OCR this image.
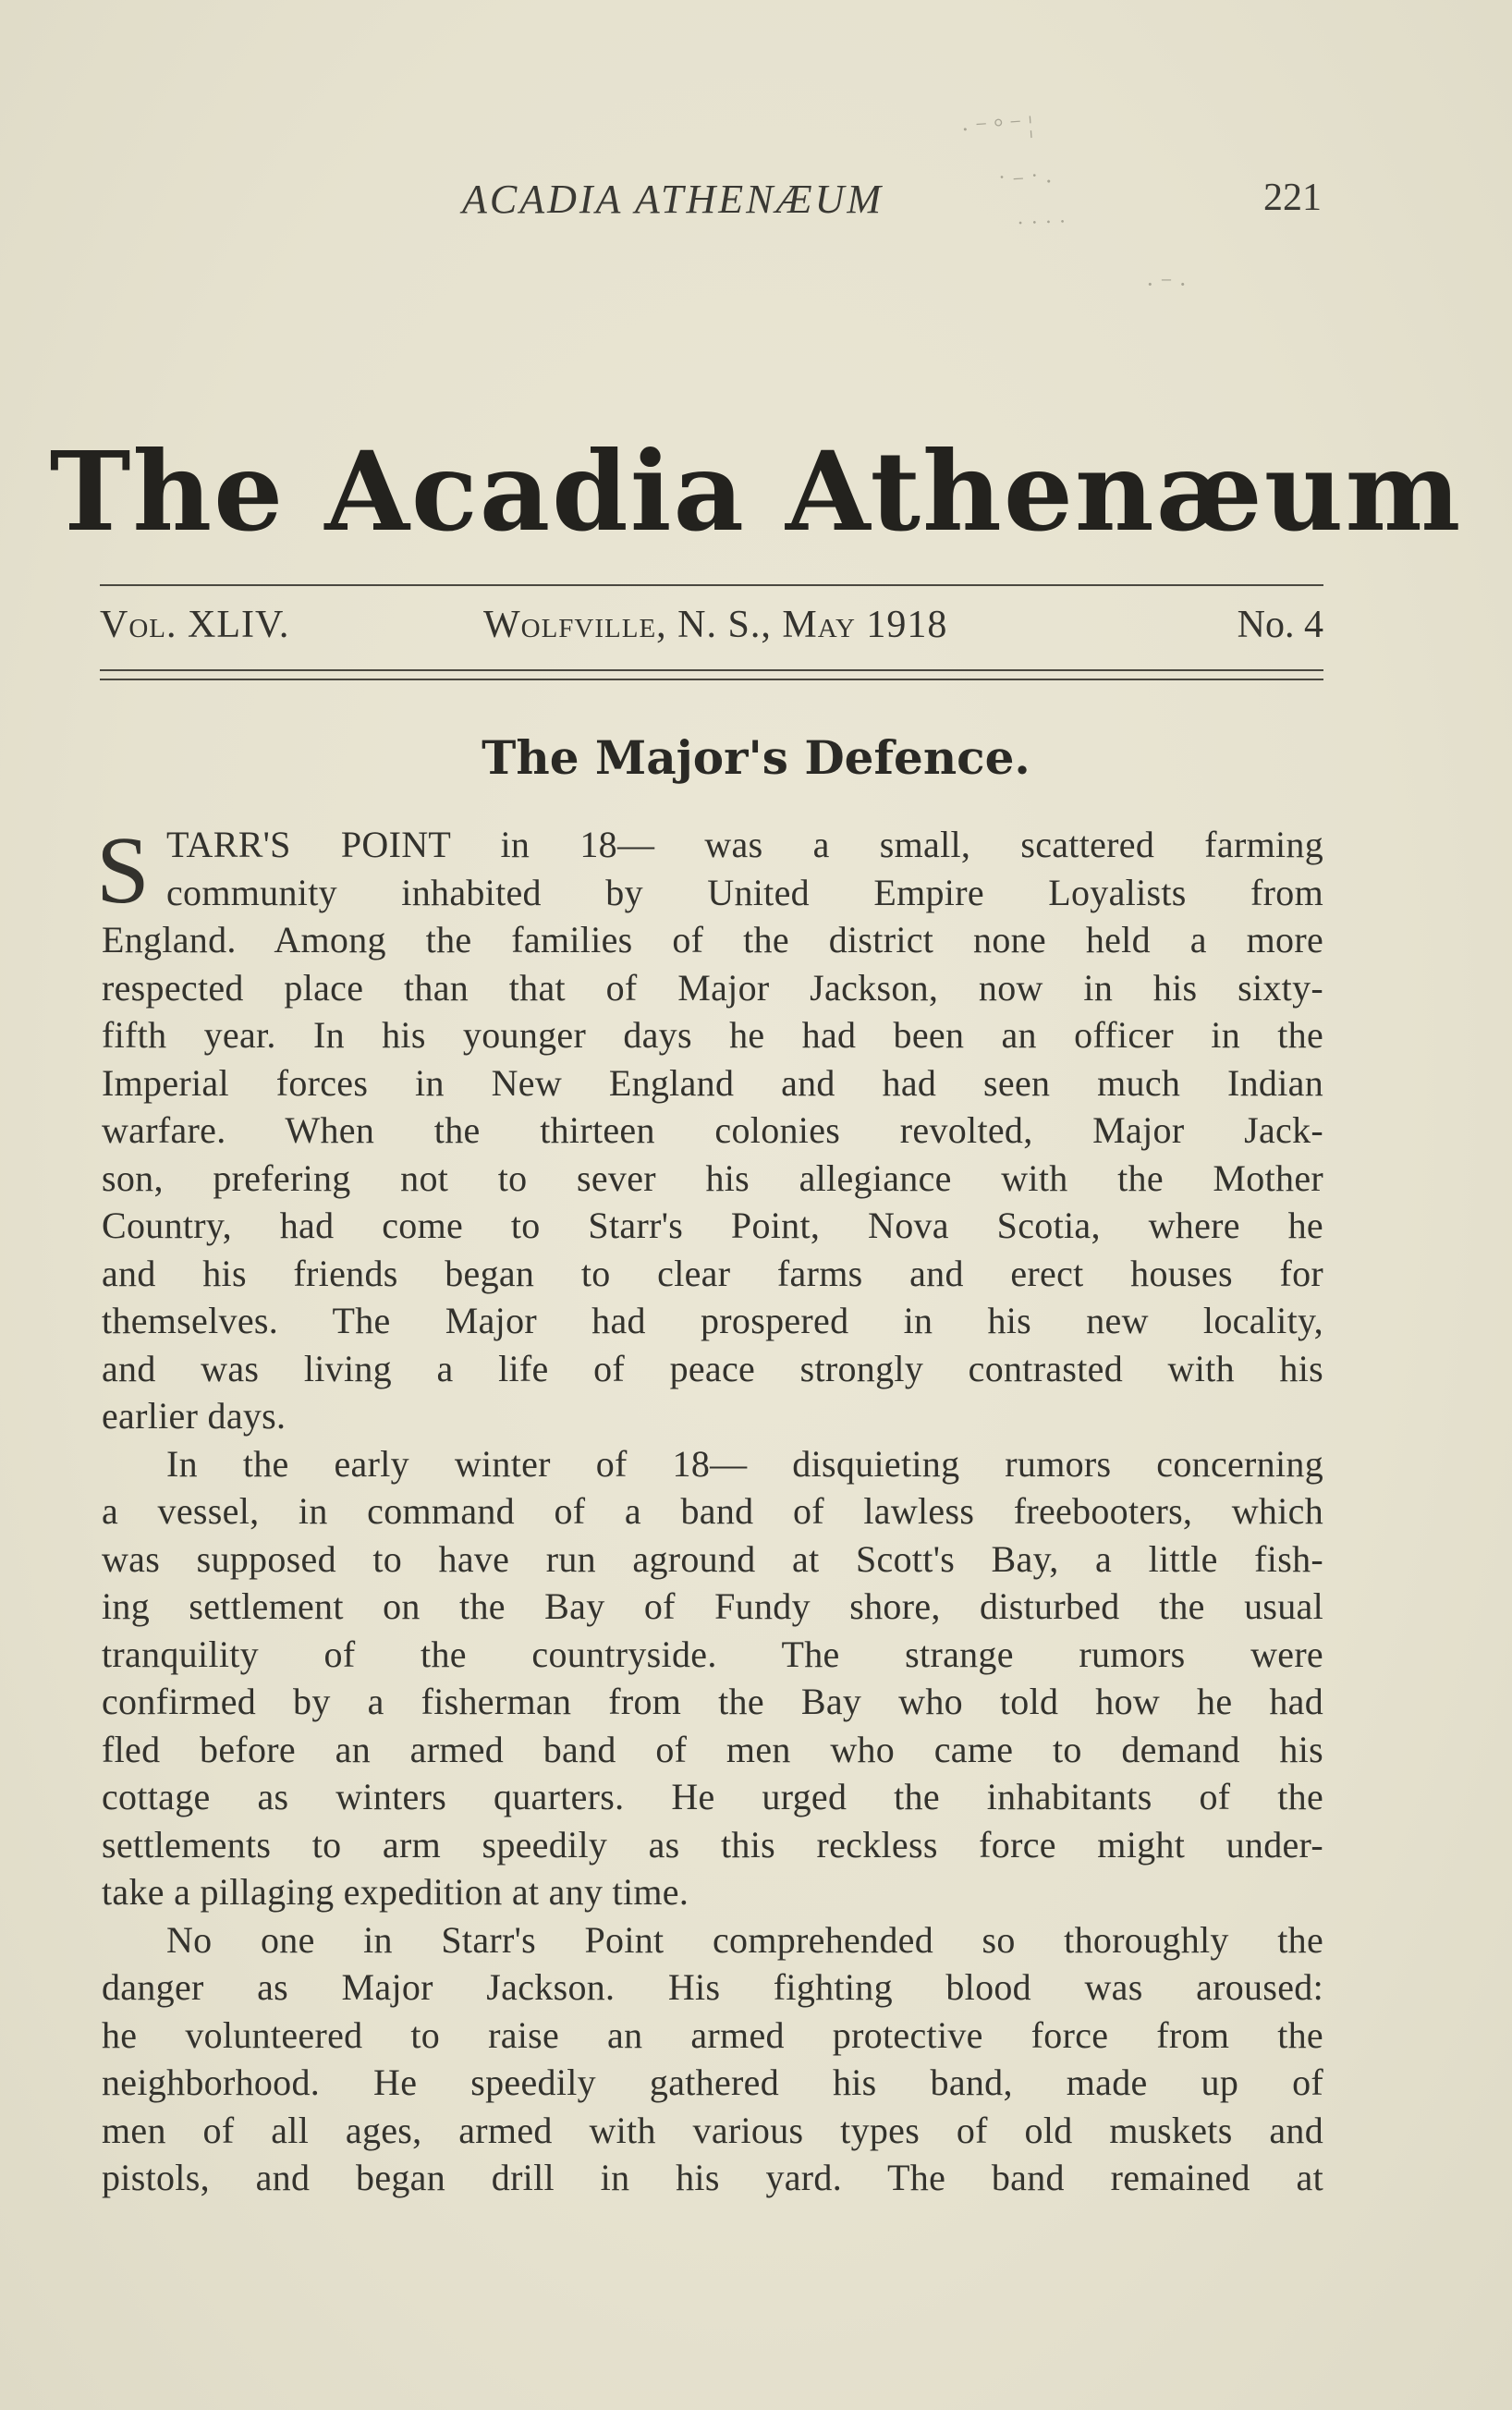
· ⁻ ° ⁻ ¦
˙ ⁻ ˙ ·
˙ ˙ ˙ ˙
· ⁻ ·
ACADIA ATHENÆUM	221
The Acadia Athenæum
Vol. XLIV.	Wolfville, N. S., May 1918	No. 4
The Major's Defence.
S TARR'S POINT in 18— was a small, scattered farming
community inhabited by United Empire Loyalists from
England. Among the families of the district none held a more
respected place than that of Major Jackson, now in his sixty-
fifth year. In his younger days he had been an officer in the
Imperial forces in New England and had seen much Indian
warfare. When the thirteen colonies revolted, Major Jack-
son, prefering not to sever his allegiance with the Mother
Country, had come to Starr's Point, Nova Scotia, where he
and his friends began to clear farms and erect houses for
themselves. The Major had prospered in his new locality,
and was living a life of peace strongly contrasted with his
earlier days.
In the early winter of 18— disquieting rumors concerning
a vessel, in command of a band of lawless freebooters, which
was supposed to have run aground at Scott's Bay, a little fish-
ing settlement on the Bay of Fundy shore, disturbed the usual
tranquility of the countryside. The strange rumors were
confirmed by a fisherman from the Bay who told how he had
fled before an armed band of men who came to demand his
cottage as winters quarters. He urged the inhabitants of the
settlements to arm speedily as this reckless force might under-
take a pillaging expedition at any time.
No one in Starr's Point comprehended so thoroughly the
danger as Major Jackson. His fighting blood was aroused:
he volunteered to raise an armed protective force from the
neighborhood. He speedily gathered his band, made up of
men of all ages, armed with various types of old muskets and
pistols, and began drill in his yard. The band remained at
